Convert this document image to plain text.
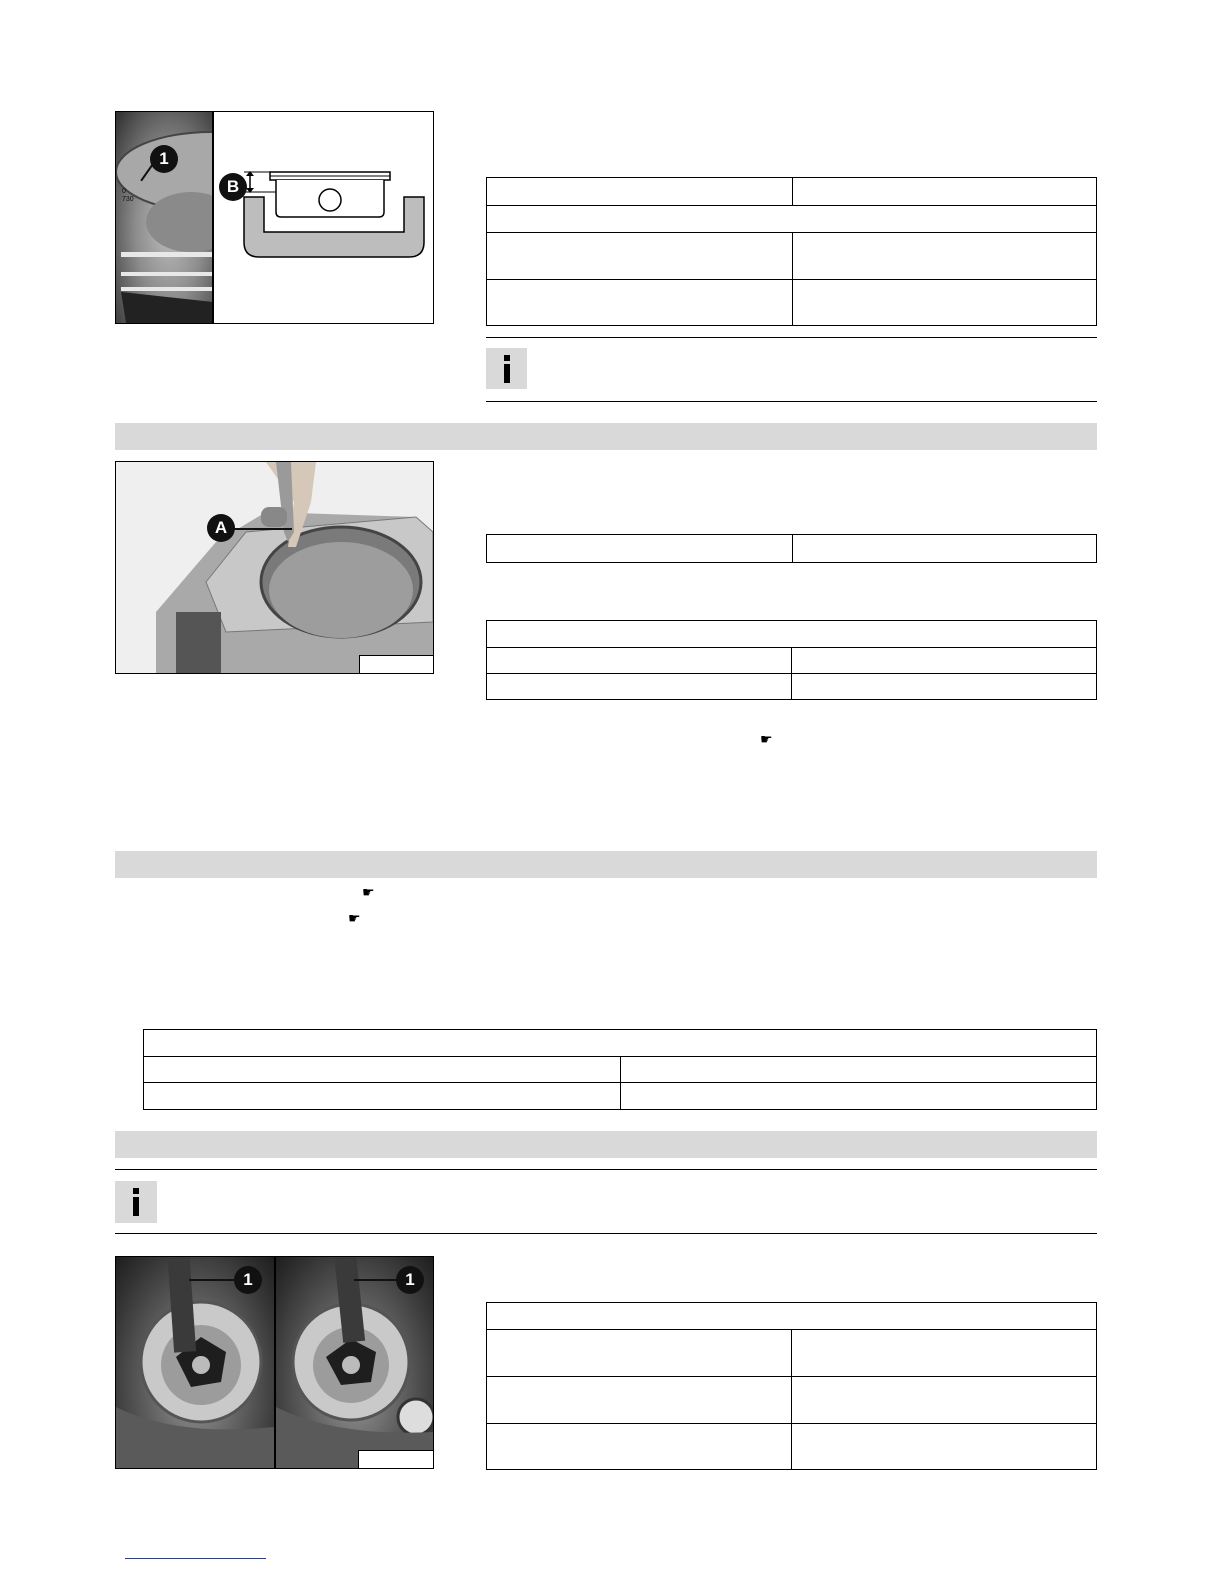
1
0
730
B

A

☛
☛
☛

1	1
